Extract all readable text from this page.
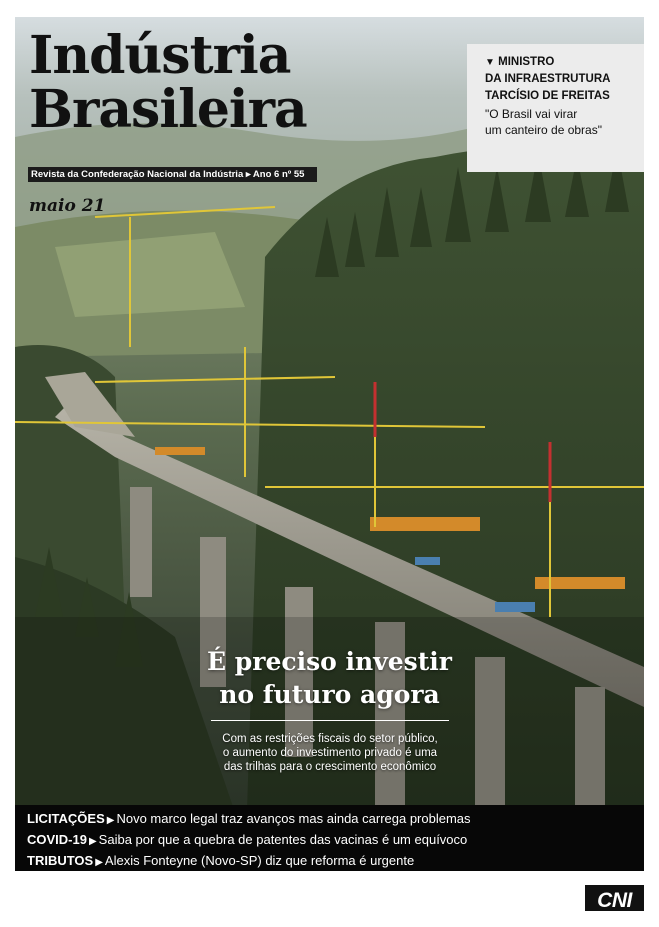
Indústria
Brasileira
Revista da Confederação Nacional da Indústria ▸ Ano 6 nº 55
maio 21
▼ MINISTRO
DA INFRAESTRUTURA
TARCÍSIO DE FREITAS
"O Brasil vai virar
um canteiro de obras"
É preciso investir
no futuro agora
Com as restrições fiscais do setor público,
o aumento do investimento privado é uma
das trilhas para o crescimento econômico
LICITAÇÕES ▶ Novo marco legal traz avanços mas ainda carrega problemas
COVID-19 ▶ Saiba por que a quebra de patentes das vacinas é um equívoco
TRIBUTOS ▶ Alexis Fonteyne (Novo-SP) diz que reforma é urgente
CNI
